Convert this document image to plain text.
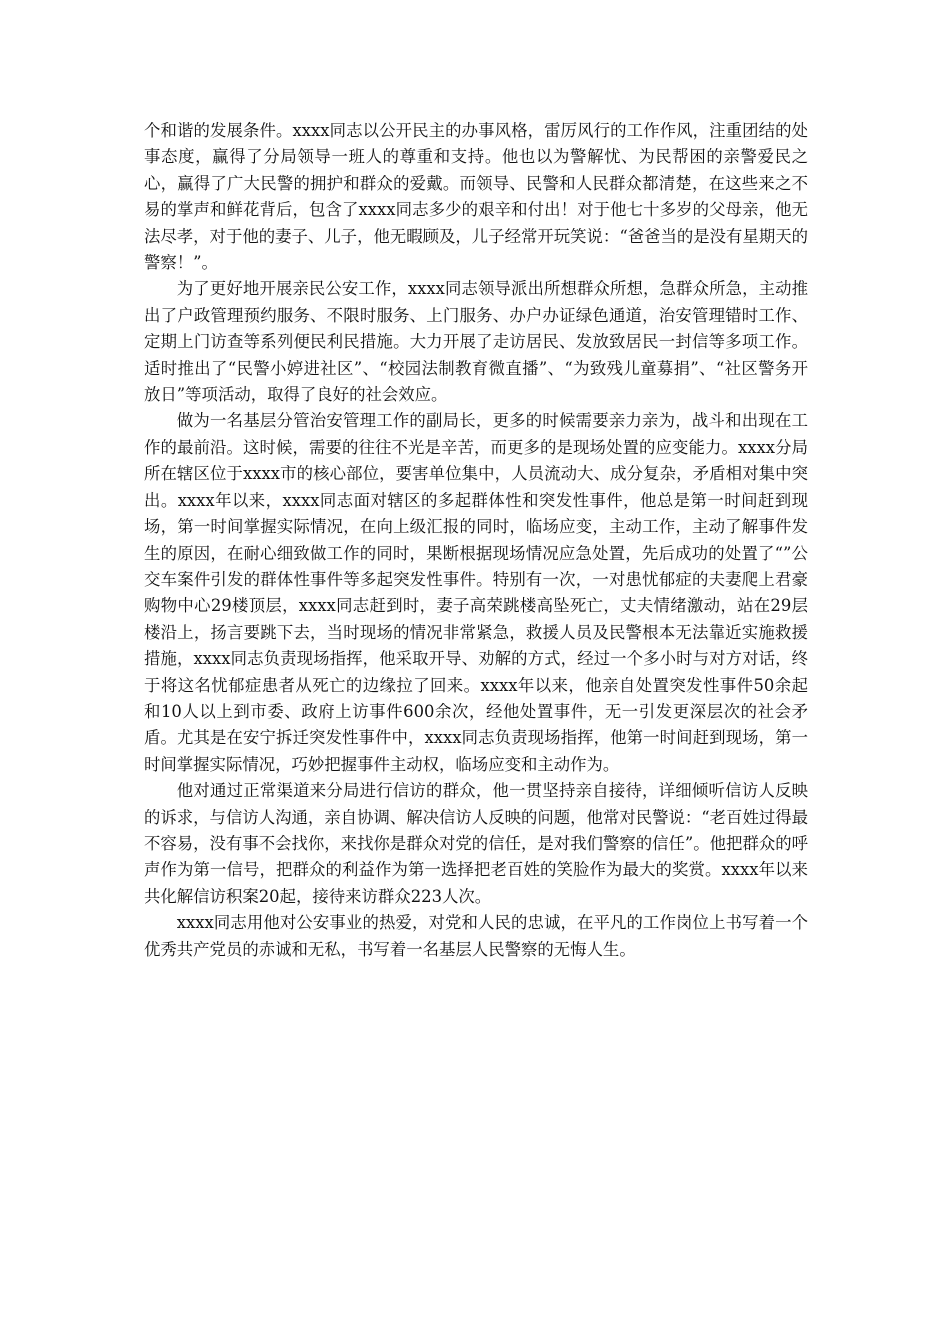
个和谐的发展条件。xxxx同志以公开民主的办事风格，雷厉风行的工作作风，注重团结的处事态度，赢得了分局领导一班人的尊重和支持。他也以为警解忧、为民帮困的亲警爱民之心，赢得了广大民警的拥护和群众的爱戴。而领导、民警和人民群众都清楚，在这些来之不易的掌声和鲜花背后，包含了xxxx同志多少的艰辛和付出！对于他七十多岁的父母亲，他无法尽孝，对于他的妻子、儿子，他无暇顾及，儿子经常开玩笑说：“爸爸当的是没有星期天的警察！”。

为了更好地开展亲民公安工作，xxxx同志领导派出所想群众所想，急群众所急，主动推出了户政管理预约服务、不限时服务、上门服务、办户办证绿色通道，治安管理错时工作、定期上门访查等系列便民利民措施。大力开展了走访居民、发放致居民一封信等多项工作。适时推出了“民警小婷进社区”、“校园法制教育微直播”、“为致残儿童募捐”、“社区警务开放日”等项活动，取得了良好的社会效应。

做为一名基层分管治安管理工作的副局长，更多的时候需要亲力亲为，战斗和出现在工作的最前沿。这时候，需要的往往不光是辛苦，而更多的是现场处置的应变能力。xxxx分局所在辖区位于xxxx市的核心部位，要害单位集中，人员流动大、成分复杂，矛盾相对集中突出。xxxx年以来，xxxx同志面对辖区的多起群体性和突发性事件，他总是第一时间赶到现场，第一时间掌握实际情况，在向上级汇报的同时，临场应变，主动工作，主动了解事件发生的原因，在耐心细致做工作的同时，果断根据现场情况应急处置，先后成功的处置了“”公交车案件引发的群体性事件等多起突发性事件。特别有一次，一对患忧郁症的夫妻爬上君豪购物中心29楼顶层，xxxx同志赶到时，妻子高荣跳楼高坠死亡，丈夫情绪激动，站在29层楼沿上，扬言要跳下去，当时现场的情况非常紧急，救援人员及民警根本无法靠近实施救援措施，xxxx同志负责现场指挥，他采取开导、劝解的方式，经过一个多小时与对方对话，终于将这名忧郁症患者从死亡的边缘拉了回来。xxxx年以来，他亲自处置突发性事件50余起和10人以上到市委、政府上访事件600余次，经他处置事件，无一引发更深层次的社会矛盾。尤其是在安宁拆迁突发性事件中，xxxx同志负责现场指挥，他第一时间赶到现场，第一时间掌握实际情况，巧妙把握事件主动权，临场应变和主动作为。

他对通过正常渠道来分局进行信访的群众，他一贯坚持亲自接待，详细倾听信访人反映的诉求，与信访人沟通，亲自协调、解决信访人反映的问题，他常对民警说：“老百姓过得最不容易，没有事不会找你，来找你是群众对党的信任，是对我们警察的信任”。他把群众的呼声作为第一信号，把群众的利益作为第一选择把老百姓的笑脸作为最大的奖赏。xxxx年以来共化解信访积案20起，接待来访群众223人次。

xxxx同志用他对公安事业的热爱，对党和人民的忠诚，在平凡的工作岗位上书写着一个优秀共产党员的赤诚和无私，书写着一名基层人民警察的无悔人生。
